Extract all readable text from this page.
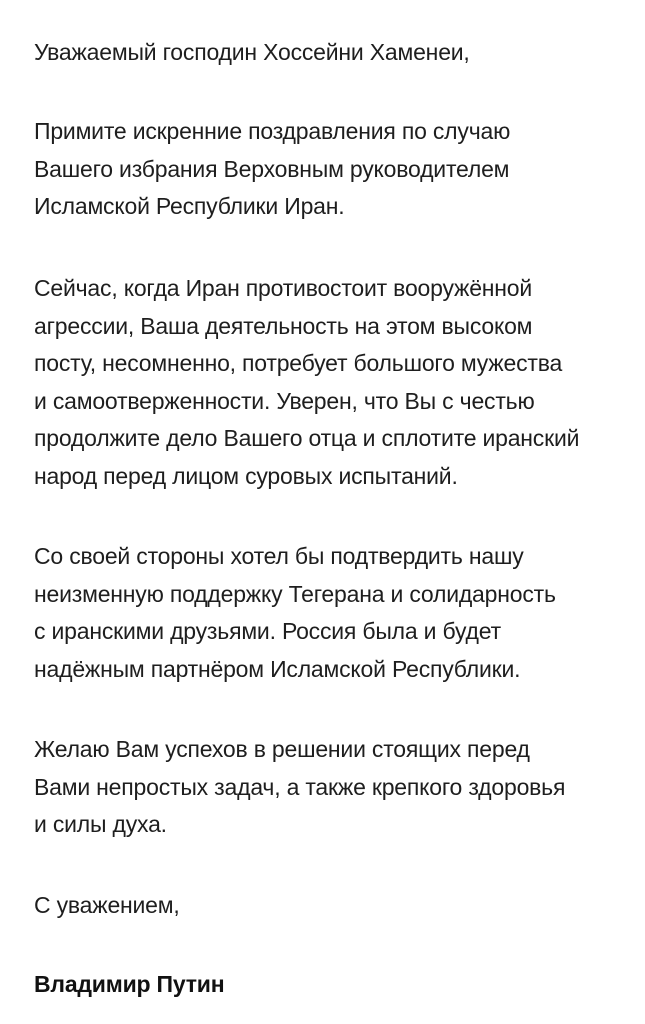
Уважаемый господин Хоссейни Хаменеи,
Примите искренние поздравления по случаю
Вашего избрания Верховным руководителем
Исламской Республики Иран.
Сейчас, когда Иран противостоит вооружённой
агрессии, Ваша деятельность на этом высоком
посту, несомненно, потребует большого мужества
и самоотверженности. Уверен, что Вы с честью
продолжите дело Вашего отца и сплотите иранский
народ перед лицом суровых испытаний.
Со своей стороны хотел бы подтвердить нашу
неизменную поддержку Тегерана и солидарность
с иранскими друзьями. Россия была и будет
надёжным партнёром Исламской Республики.
Желаю Вам успехов в решении стоящих перед
Вами непростых задач, а также крепкого здоровья
и силы духа.
С уважением,
Владимир Путин
